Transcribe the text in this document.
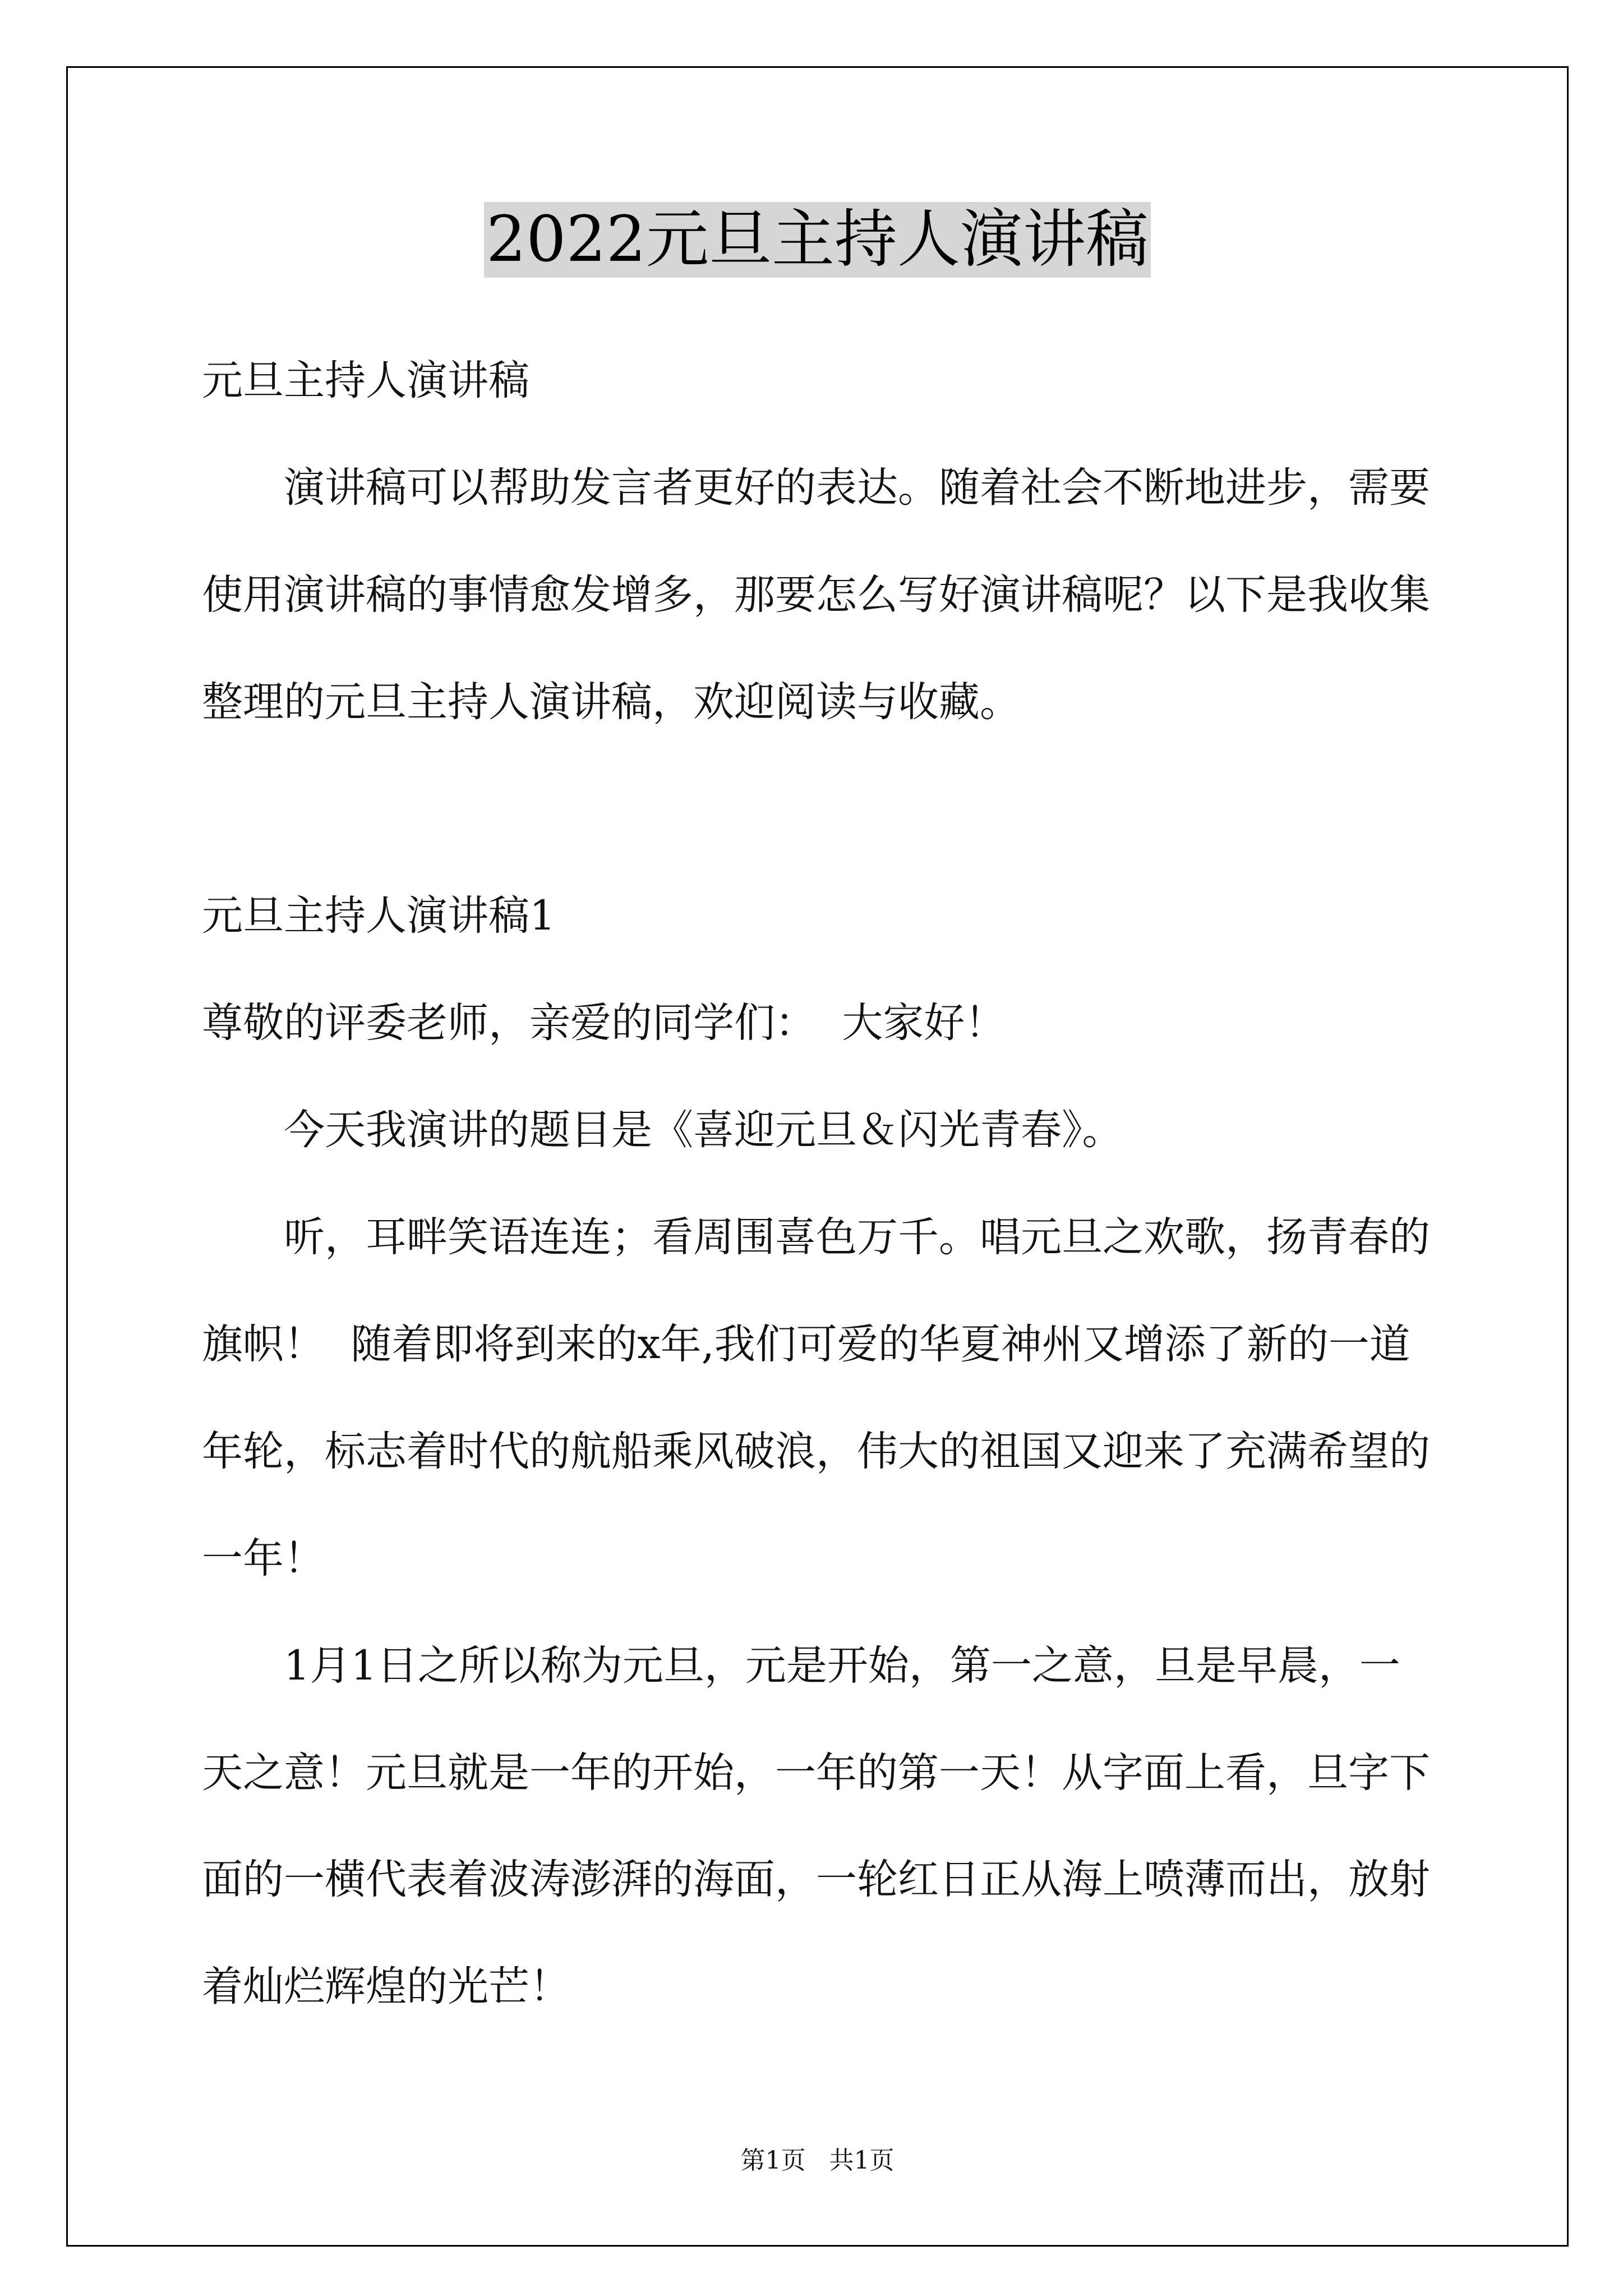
2022元旦主持人演讲稿
元旦主持人演讲稿
演讲稿可以帮助发言者更好的表达。随着社会不断地进步，需要
使用演讲稿的事情愈发增多，那要怎么写好演讲稿呢？以下是我收集
整理的元旦主持人演讲稿，欢迎阅读与收藏。
元旦主持人演讲稿1
尊敬的评委老师，亲爱的同学们：  大家好！
今天我演讲的题目是《喜迎元旦＆闪光青春》。
听，耳畔笑语连连；看周围喜色万千。唱元旦之欢歌，扬青春的
旗帜！  随着即将到来的x年,我们可爱的华夏神州又增添了新的一道
年轮，标志着时代的航船乘风破浪，伟大的祖国又迎来了充满希望的
一年！
1月1日之所以称为元旦，元是开始，第一之意，旦是早晨，一
天之意！元旦就是一年的开始，一年的第一天！从字面上看，旦字下
面的一横代表着波涛澎湃的海面，一轮红日正从海上喷薄而出，放射
着灿烂辉煌的光芒！
第1页   共1页
